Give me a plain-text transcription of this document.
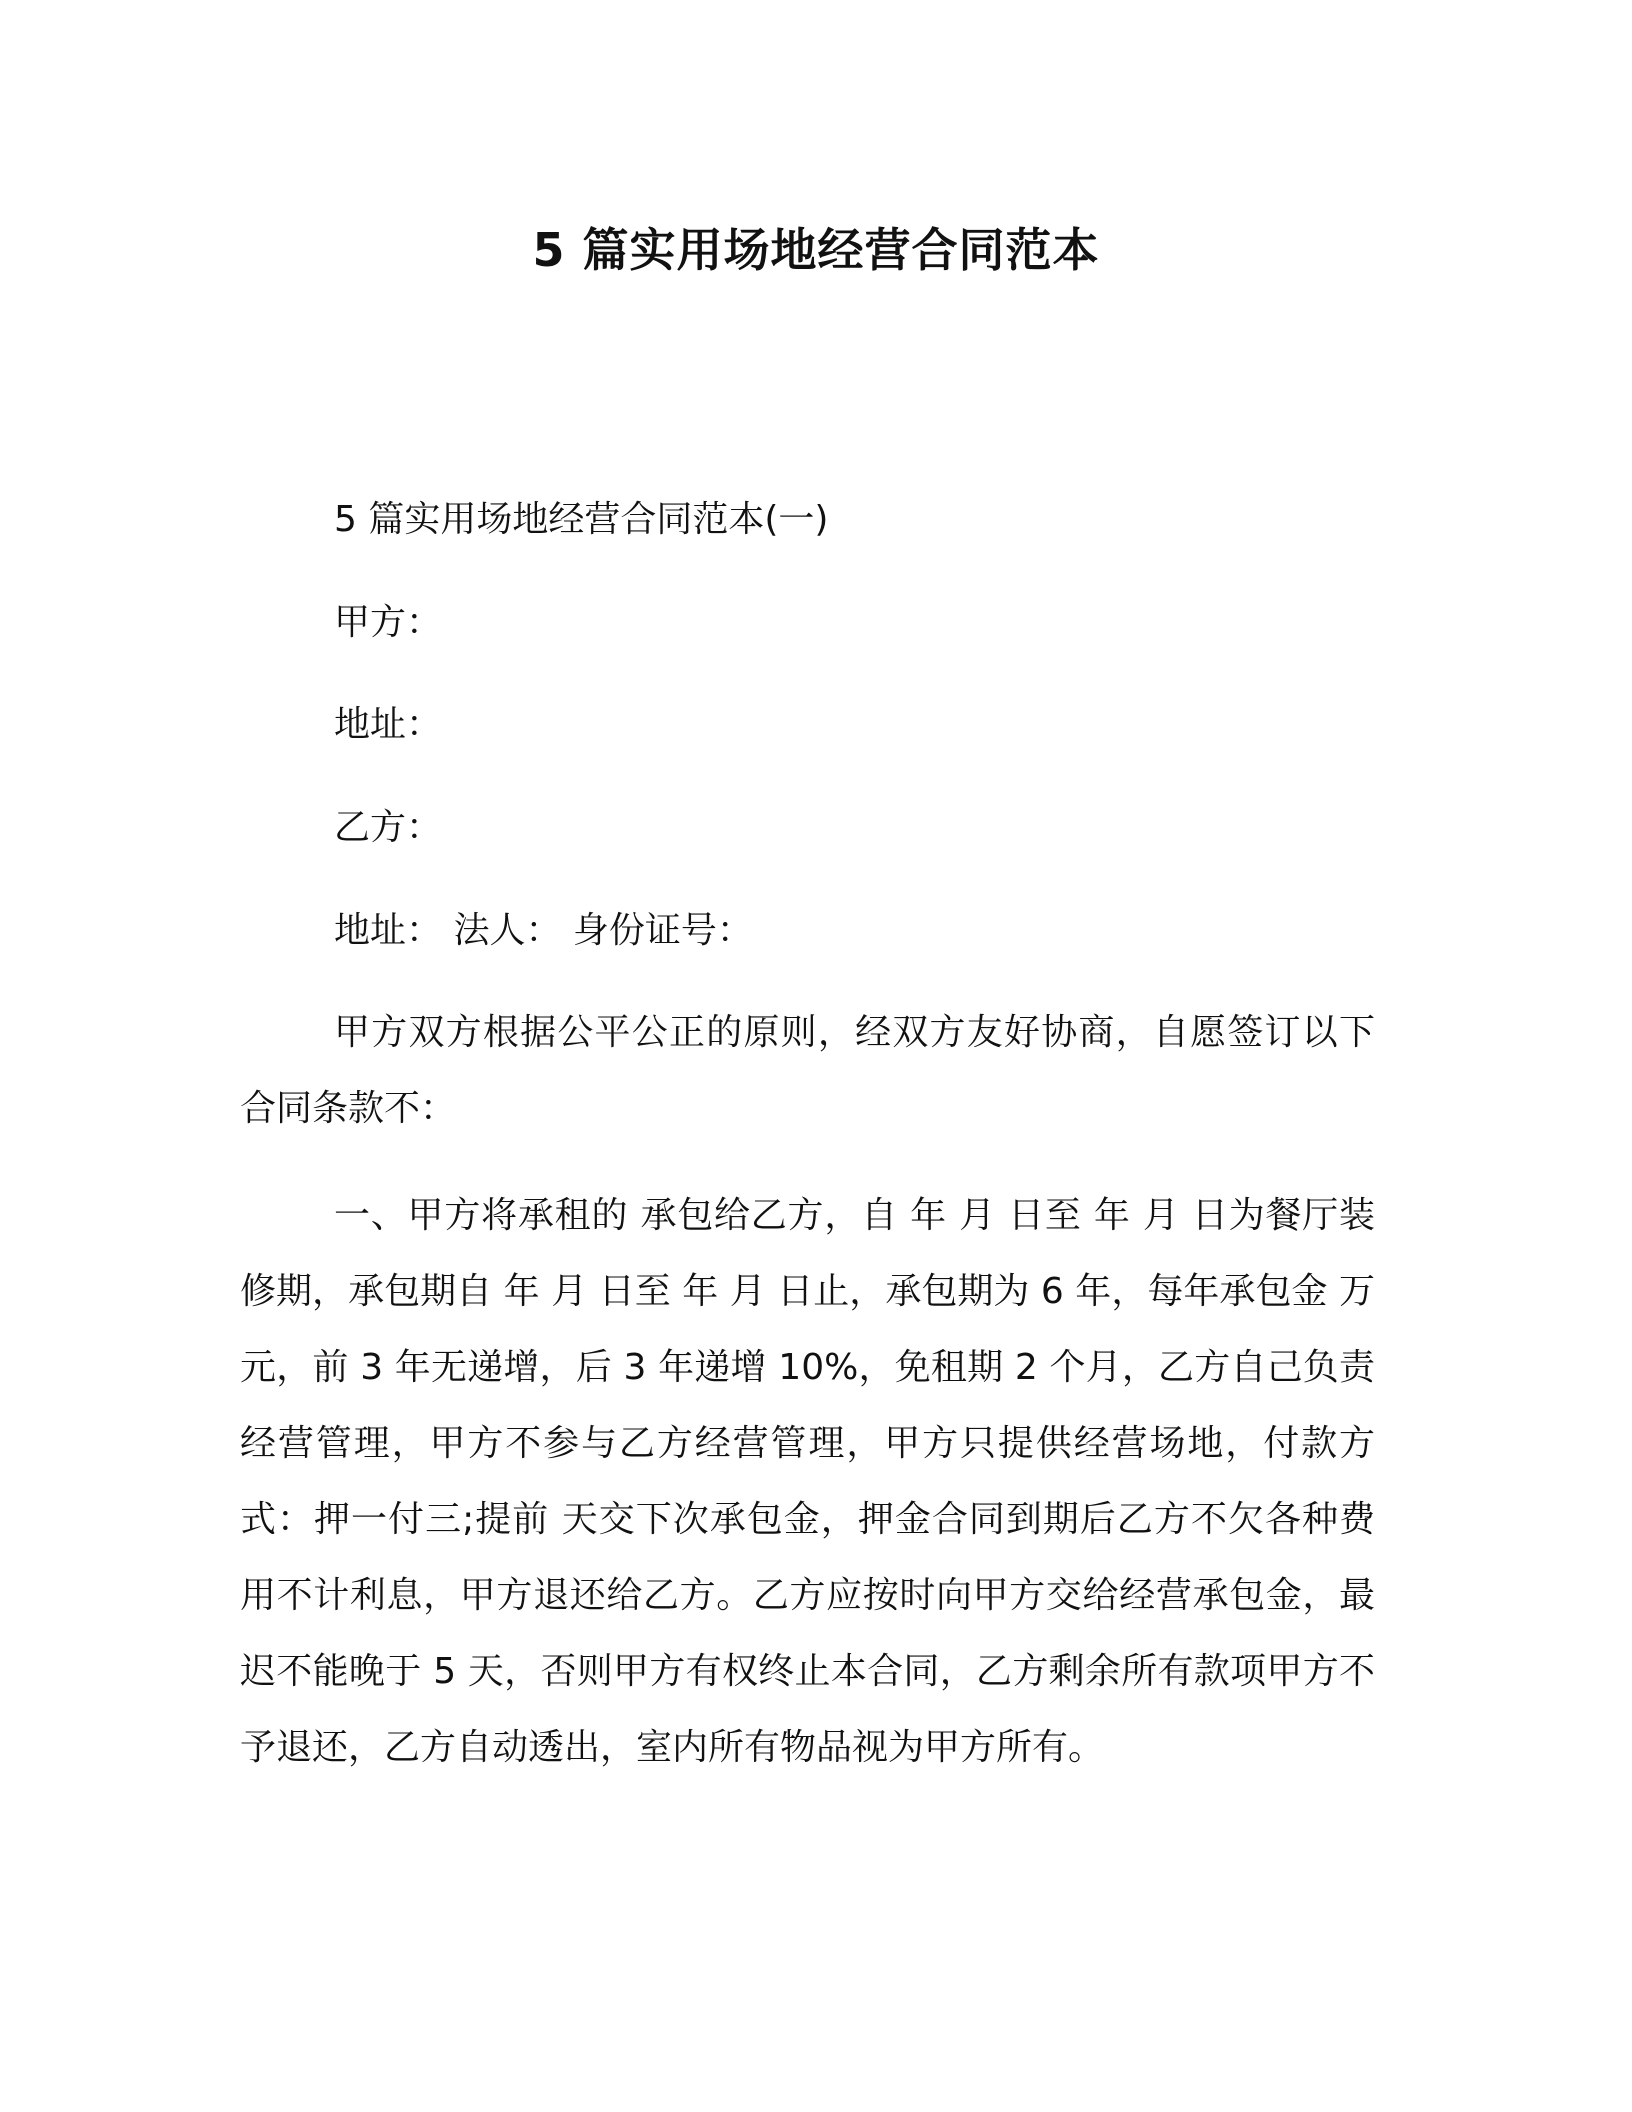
5 篇实用场地经营合同范本
5 篇实用场地经营合同范本(一)
甲方：
地址：
乙方：
地址： 法人： 身份证号：
甲方双方根据公平公正的原则，经双方友好协商，自愿签订以下合同条款不：
一、甲方将承租的 承包给乙方，自 年 月 日至 年 月 日为餐厅装修期，承包期自 年 月 日至 年 月 日止，承包期为 6 年，每年承包金 万元，前 3 年无递增，后 3 年递增 10%，免租期 2 个月，乙方自己负责经营管理，甲方不参与乙方经营管理，甲方只提供经营场地，付款方式：押一付三;提前 天交下次承包金，押金合同到期后乙方不欠各种费用不计利息，甲方退还给乙方。乙方应按时向甲方交给经营承包金，最迟不能晚于 5 天，否则甲方有权终止本合同，乙方剩余所有款项甲方不予退还，乙方自动透出，室内所有物品视为甲方所有。
